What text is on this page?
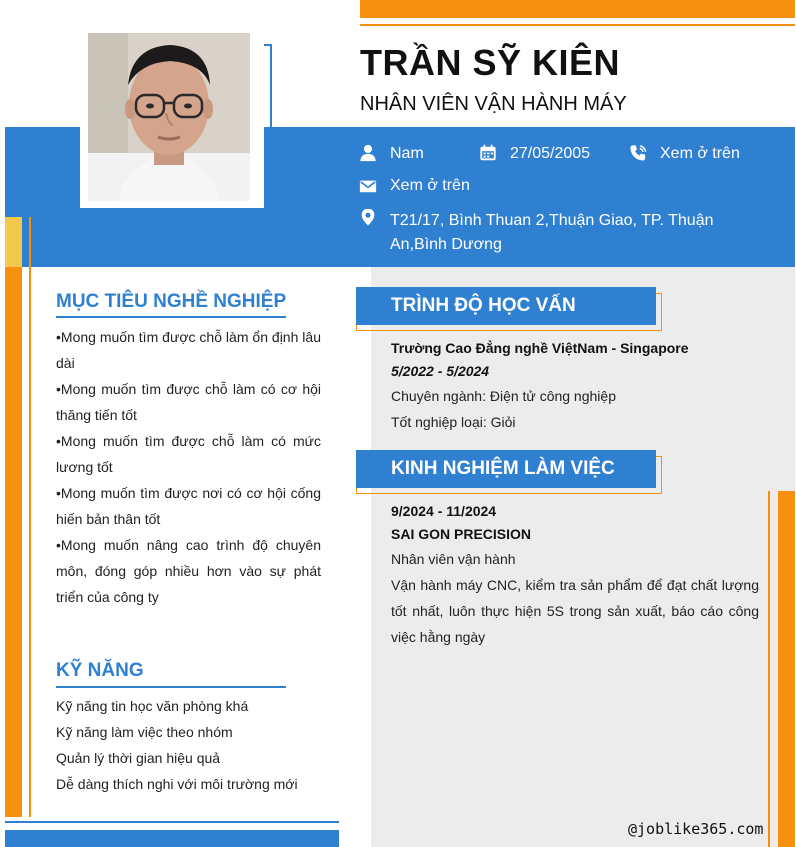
TRẦN SỸ KIÊN
NHÂN VIÊN VẬN HÀNH MÁY
Nam	27/05/2005	Xem ở trên
Xem ở trên
T21/17, Bình Thuan 2,Thuận Giao, TP. Thuận An,Bình Dương
MỤC TIÊU NGHỀ NGHIỆP
•Mong muốn tìm được chỗ làm ổn định lâu dài
•Mong muốn tìm được chỗ làm có cơ hội thăng tiến tốt
•Mong muốn tìm được chỗ làm có mức lương tốt
•Mong muốn tìm được nơi có cơ hội cống hiến bản thân tốt
•Mong muốn nâng cao trình độ chuyên môn, đóng góp nhiều hơn vào sự phát triển của công ty
KỸ NĂNG
Kỹ năng tin học văn phòng khá
Kỹ năng làm việc theo nhóm
Quản lý thời gian hiệu quả
Dễ dàng thích nghi với môi trường mới
TRÌNH ĐỘ HỌC VẤN
Trường Cao Đẳng nghề ViệtNam - Singapore
5/2022 - 5/2024
Chuyên ngành: Điện tử công nghiệp
Tốt nghiệp loại: Giỏi
KINH NGHIỆM LÀM VIỆC
9/2024 - 11/2024
SAI GON PRECISION
Nhân viên vận hành
Vận hành máy CNC, kiểm tra sản phẩm để đạt chất lượng tốt nhất, luôn thực hiện 5S trong sản xuất, báo cáo công việc hằng ngày
@joblike365.com
